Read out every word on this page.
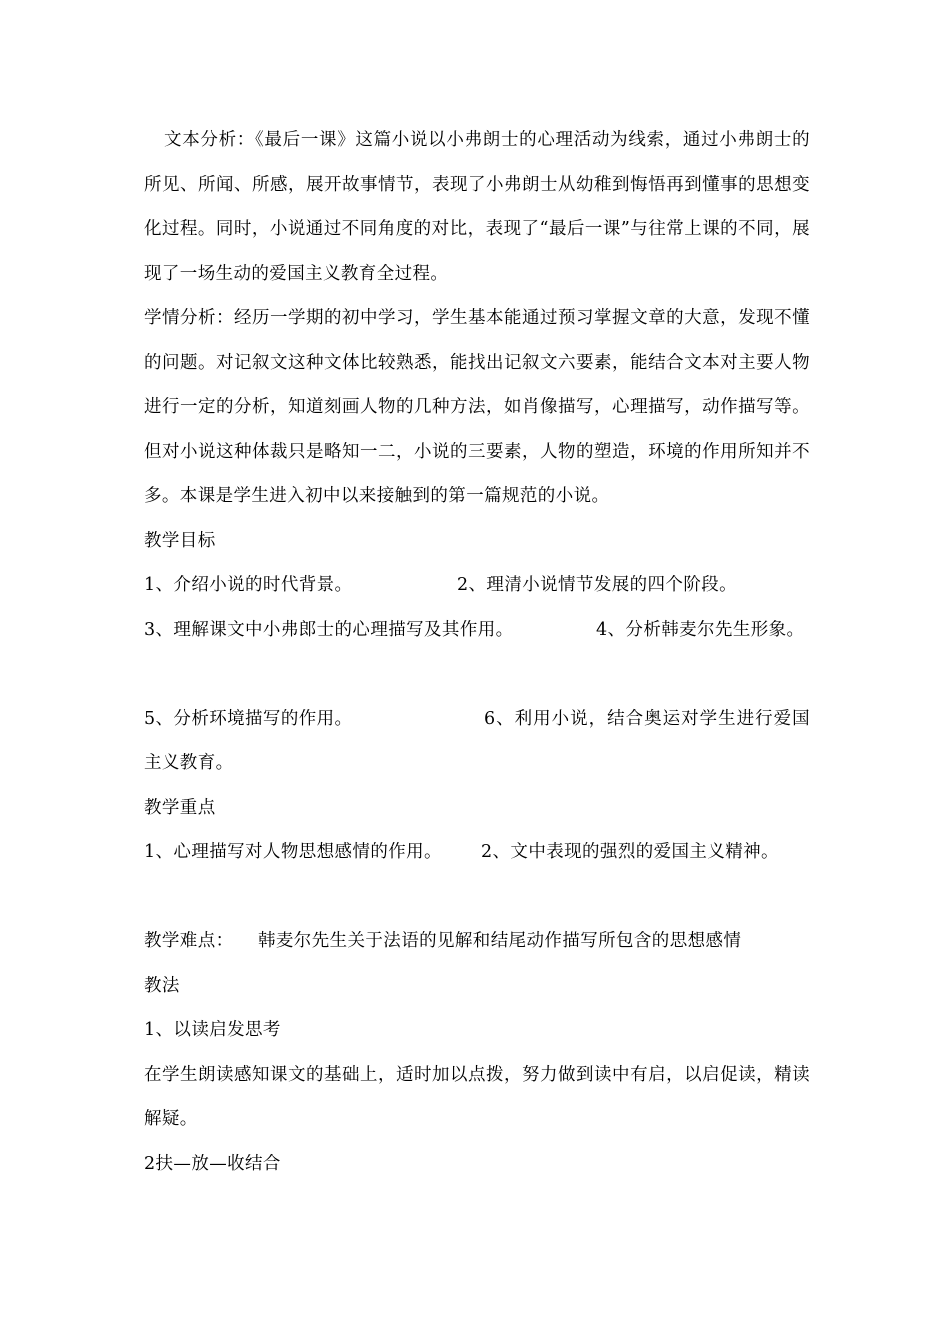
文本分析：《最后一课》这篇小说以小弗朗士的心理活动为线索，通过小弗朗士的所见、所闻、所感，展开故事情节，表现了小弗朗士从幼稚到悔悟再到懂事的思想变化过程。同时，小说通过不同角度的对比，表现了“最后一课”与往常上课的不同，展现了一场生动的爱国主义教育全过程。

学情分析：经历一学期的初中学习，学生基本能通过预习掌握文章的大意，发现不懂的问题。对记叙文这种文体比较熟悉，能找出记叙文六要素，能结合文本对主要人物进行一定的分析，知道刻画人物的几种方法，如肖像描写，心理描写，动作描写等。但对小说这种体裁只是略知一二，小说的三要素，人物的塑造，环境的作用所知并不多。本课是学生进入初中以来接触到的第一篇规范的小说。

教学目标

1、介绍小说的时代背景。	2、理清小说情节发展的四个阶段。
3、理解课文中小弗郎士的心理描写及其作用。	4、分析韩麦尔先生形象。

5、分析环境描写的作用。	6、利用小说，结合奥运对学生进行爱国主义教育。

教学重点

1、心理描写对人物思想感情的作用。	2、文中表现的强烈的爱国主义精神。
教学难点：	韩麦尔先生关于法语的见解和结尾动作描写所包含的思想感情

教法

1、以读启发思考

在学生朗读感知课文的基础上，适时加以点拨，努力做到读中有启，以启促读，精读解疑。

2扶—放—收结合
